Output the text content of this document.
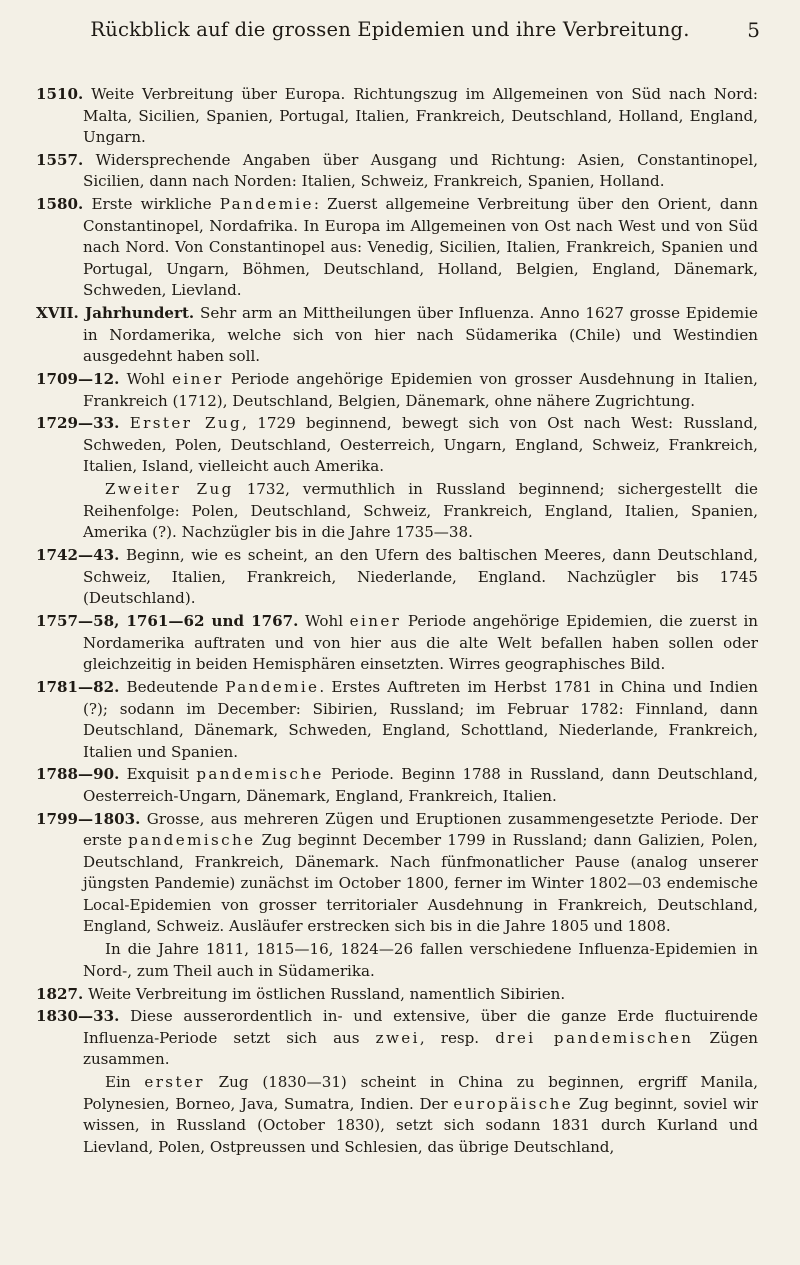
Rückblick auf die grossen Epidemien und ihre Verbreitung.	5

1510. Weite Verbreitung über Europa. Richtungszug im Allgemeinen von Süd nach Nord: Malta, Sicilien, Spanien, Portugal, Italien, Frankreich, Deutschland, Holland, England, Ungarn.

1557. Widersprechende Angaben über Ausgang und Richtung: Asien, Constantinopel, Sicilien, dann nach Norden: Italien, Schweiz, Frankreich, Spanien, Holland.

1580. Erste wirkliche Pandemie: Zuerst allgemeine Verbreitung über den Orient, dann Constantinopel, Nordafrika. In Europa im Allgemeinen von Ost nach West und von Süd nach Nord. Von Constantinopel aus: Venedig, Sicilien, Italien, Frankreich, Spanien und Portugal, Ungarn, Böhmen, Deutschland, Holland, Belgien, England, Dänemark, Schweden, Lievland.

XVII. Jahrhundert. Sehr arm an Mittheilungen über Influenza. Anno 1627 grosse Epidemie in Nordamerika, welche sich von hier nach Südamerika (Chile) und Westindien ausgedehnt haben soll.

1709—12. Wohl einer Periode angehörige Epidemien von grosser Ausdehnung in Italien, Frankreich (1712), Deutschland, Belgien, Dänemark, ohne nähere Zugrichtung.

1729—33. Erster Zug, 1729 beginnend, bewegt sich von Ost nach West: Russland, Schweden, Polen, Deutschland, Oesterreich, Ungarn, England, Schweiz, Frankreich, Italien, Island, vielleicht auch Amerika.

Zweiter Zug 1732, vermuthlich in Russland beginnend; sichergestellt die Reihenfolge: Polen, Deutschland, Schweiz, Frankreich, England, Italien, Spanien, Amerika (?). Nachzügler bis in die Jahre 1735—38.

1742—43. Beginn, wie es scheint, an den Ufern des baltischen Meeres, dann Deutschland, Schweiz, Italien, Frankreich, Niederlande, England. Nachzügler bis 1745 (Deutschland).

1757—58, 1761—62 und 1767. Wohl einer Periode angehörige Epidemien, die zuerst in Nordamerika auftraten und von hier aus die alte Welt befallen haben sollen oder gleichzeitig in beiden Hemisphären einsetzten. Wirres geographisches Bild.

1781—82. Bedeutende Pandemie. Erstes Auftreten im Herbst 1781 in China und Indien (?); sodann im December: Sibirien, Russland; im Februar 1782: Finnland, dann Deutschland, Dänemark, Schweden, England, Schottland, Niederlande, Frankreich, Italien und Spanien.

1788—90. Exquisit pandemische Periode. Beginn 1788 in Russland, dann Deutschland, Oesterreich-Ungarn, Dänemark, England, Frankreich, Italien.

1799—1803. Grosse, aus mehreren Zügen und Eruptionen zusammengesetzte Periode. Der erste pandemische Zug beginnt December 1799 in Russland; dann Galizien, Polen, Deutschland, Frankreich, Dänemark. Nach fünfmonatlicher Pause (analog unserer jüngsten Pandemie) zunächst im October 1800, ferner im Winter 1802—03 endemische Local-Epidemien von grosser territorialer Ausdehnung in Frankreich, Deutschland, England, Schweiz. Ausläufer erstrecken sich bis in die Jahre 1805 und 1808.

In die Jahre 1811, 1815—16, 1824—26 fallen verschiedene Influenza-Epidemien in Nord-, zum Theil auch in Südamerika.

1827. Weite Verbreitung im östlichen Russland, namentlich Sibirien.

1830—33. Diese ausserordentlich in- und extensive, über die ganze Erde fluctuirende Influenza-Periode setzt sich aus zwei, resp. drei pandemischen Zügen zusammen.

Ein erster Zug (1830—31) scheint in China zu beginnen, ergriff Manila, Polynesien, Borneo, Java, Sumatra, Indien. Der europäische Zug beginnt, soviel wir wissen, in Russland (October 1830), setzt sich sodann 1831 durch Kurland und Lievland, Polen, Ostpreussen und Schlesien, das übrige Deutschland,
